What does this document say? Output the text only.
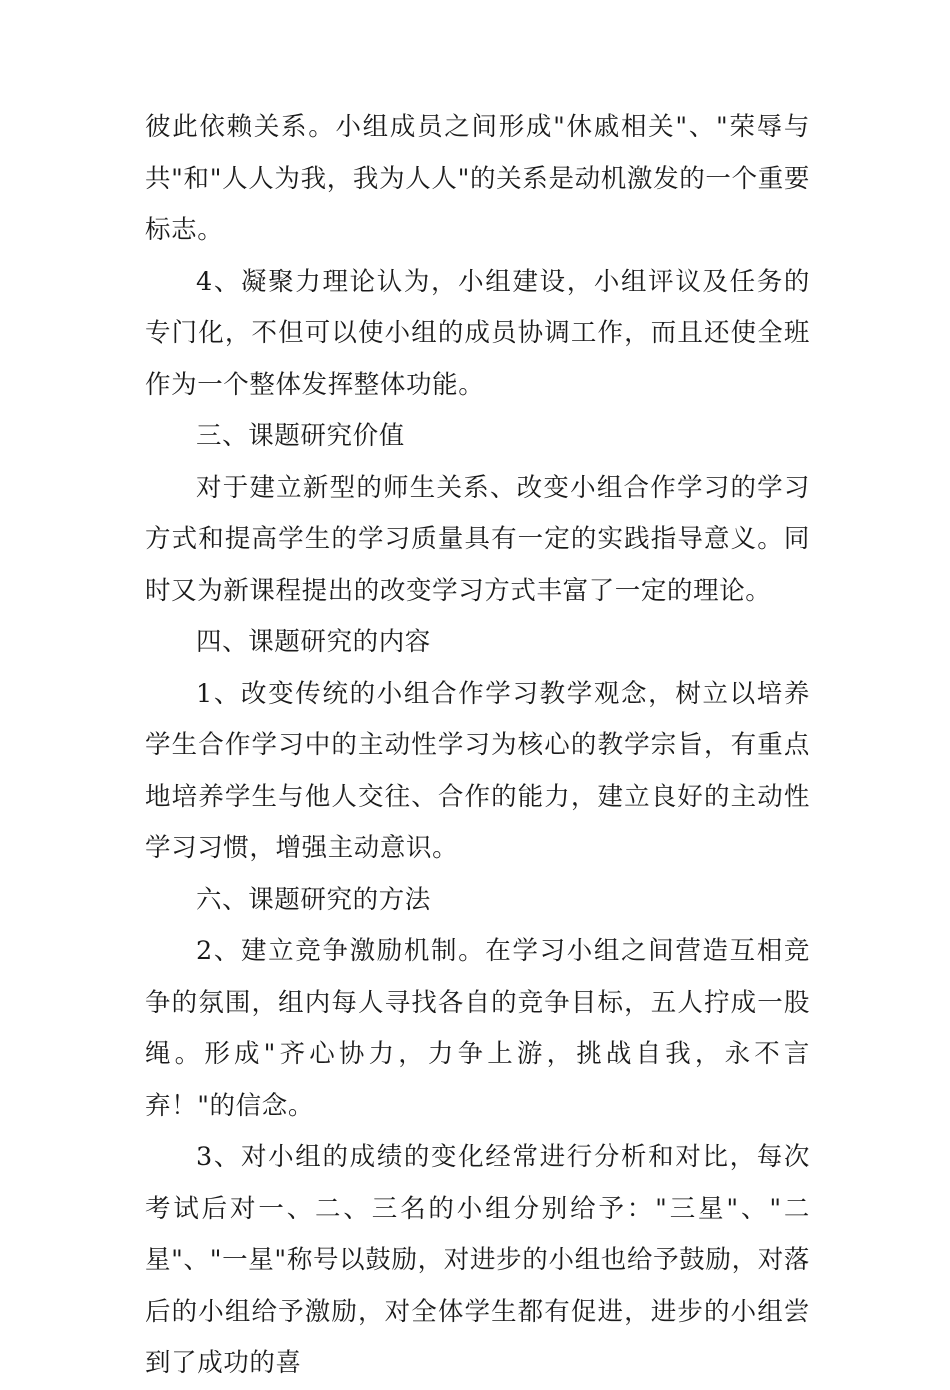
彼此依赖关系。小组成员之间形成"休戚相关"、"荣辱与共"和"人人为我，我为人人"的关系是动机激发的一个重要标志。

4、凝聚力理论认为，小组建设，小组评议及任务的专门化，不但可以使小组的成员协调工作，而且还使全班作为一个整体发挥整体功能。

三、课题研究价值

对于建立新型的师生关系、改变小组合作学习的学习方式和提高学生的学习质量具有一定的实践指导意义。同时又为新课程提出的改变学习方式丰富了一定的理论。

四、课题研究的内容

1、改变传统的小组合作学习教学观念，树立以培养学生合作学习中的主动性学习为核心的教学宗旨，有重点地培养学生与他人交往、合作的能力，建立良好的主动性学习习惯，增强主动意识。

六、课题研究的方法

2、建立竞争激励机制。在学习小组之间营造互相竞争的氛围，组内每人寻找各自的竞争目标，五人拧成一股绳。形成"齐心协力，力争上游，挑战自我，永不言弃！"的信念。

3、对小组的成绩的变化经常进行分析和对比，每次考试后对一、二、三名的小组分别给予："三星"、"二星"、"一星"称号以鼓励，对进步的小组也给予鼓励，对落后的小组给予激励，对全体学生都有促进，进步的小组尝到了成功的喜
